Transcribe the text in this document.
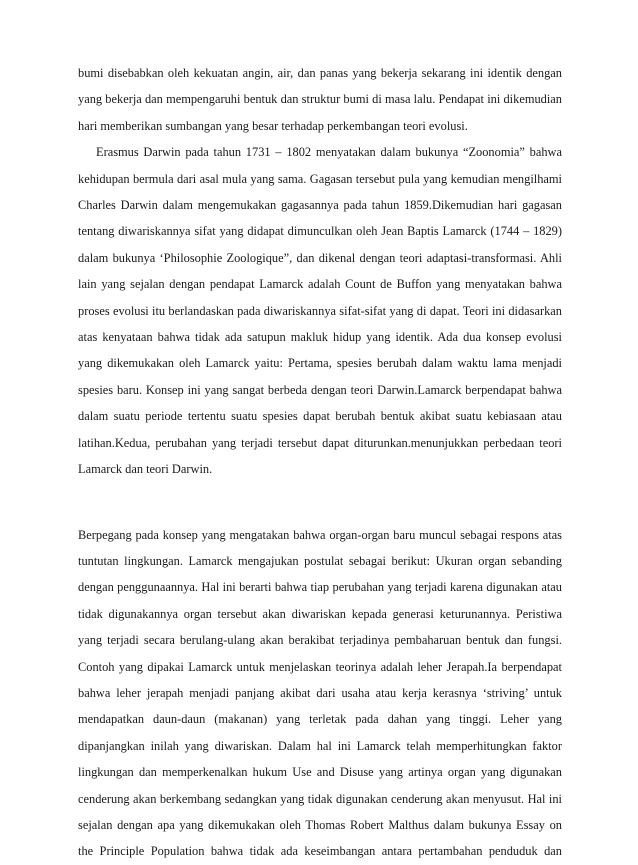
bumi disebabkan oleh kekuatan angin, air, dan panas yang bekerja sekarang ini identik dengan
yang bekerja dan mempengaruhi bentuk dan struktur bumi di masa lalu. Pendapat ini dikemudian
hari memberikan sumbangan yang besar terhadap perkembangan teori evolusi.
Erasmus Darwin pada tahun 1731 – 1802 menyatakan dalam bukunya “Zoonomia” bahwa
kehidupan bermula dari asal mula yang sama. Gagasan tersebut pula yang kemudian mengilhami
Charles Darwin dalam mengemukakan gagasannya pada tahun 1859.Dikemudian hari gagasan
tentang diwariskannya sifat yang didapat dimunculkan oleh Jean Baptis Lamarck (1744 – 1829)
dalam bukunya ‘Philosophie Zoologique”, dan dikenal dengan teori adaptasi-transformasi. Ahli
lain yang sejalan dengan pendapat Lamarck adalah Count de Buffon yang menyatakan bahwa
proses evolusi itu berlandaskan pada diwariskannya sifat-sifat yang di dapat. Teori ini didasarkan
atas kenyataan bahwa tidak ada satupun makluk hidup yang identik. Ada dua konsep evolusi
yang dikemukakan oleh Lamarck yaitu: Pertama, spesies berubah dalam waktu lama menjadi
spesies baru. Konsep ini yang sangat berbeda dengan teori Darwin.Lamarck berpendapat bahwa
dalam suatu periode tertentu suatu spesies dapat berubah bentuk akibat suatu kebiasaan atau
latihan.Kedua, perubahan yang terjadi tersebut dapat diturunkan.menunjukkan perbedaan teori
Lamarck dan teori Darwin.
Berpegang pada konsep yang mengatakan bahwa organ-organ baru muncul sebagai respons atas
tuntutan lingkungan. Lamarck mengajukan postulat sebagai berikut: Ukuran organ sebanding
dengan penggunaannya. Hal ini berarti bahwa tiap perubahan yang terjadi karena digunakan atau
tidak digunakannya organ tersebut akan diwariskan kepada generasi keturunannya. Peristiwa
yang terjadi secara berulang-ulang akan berakibat terjadinya pembaharuan bentuk dan fungsi.
Contoh yang dipakai Lamarck untuk menjelaskan teorinya adalah leher Jerapah.Ia berpendapat
bahwa leher jerapah menjadi panjang akibat dari usaha atau kerja kerasnya ‘striving’ untuk
mendapatkan daun-daun (makanan) yang terletak pada dahan yang tinggi. Leher yang
dipanjangkan inilah yang diwariskan. Dalam hal ini Lamarck telah memperhitungkan faktor
lingkungan dan memperkenalkan hukum Use and Disuse yang artinya organ yang digunakan
cenderung akan berkembang sedangkan yang tidak digunakan cenderung akan menyusut. Hal ini
sejalan dengan apa yang dikemukakan oleh Thomas Robert Malthus dalam bukunya Essay on
the Principle Population bahwa tidak ada keseimbangan antara pertambahan penduduk dan
